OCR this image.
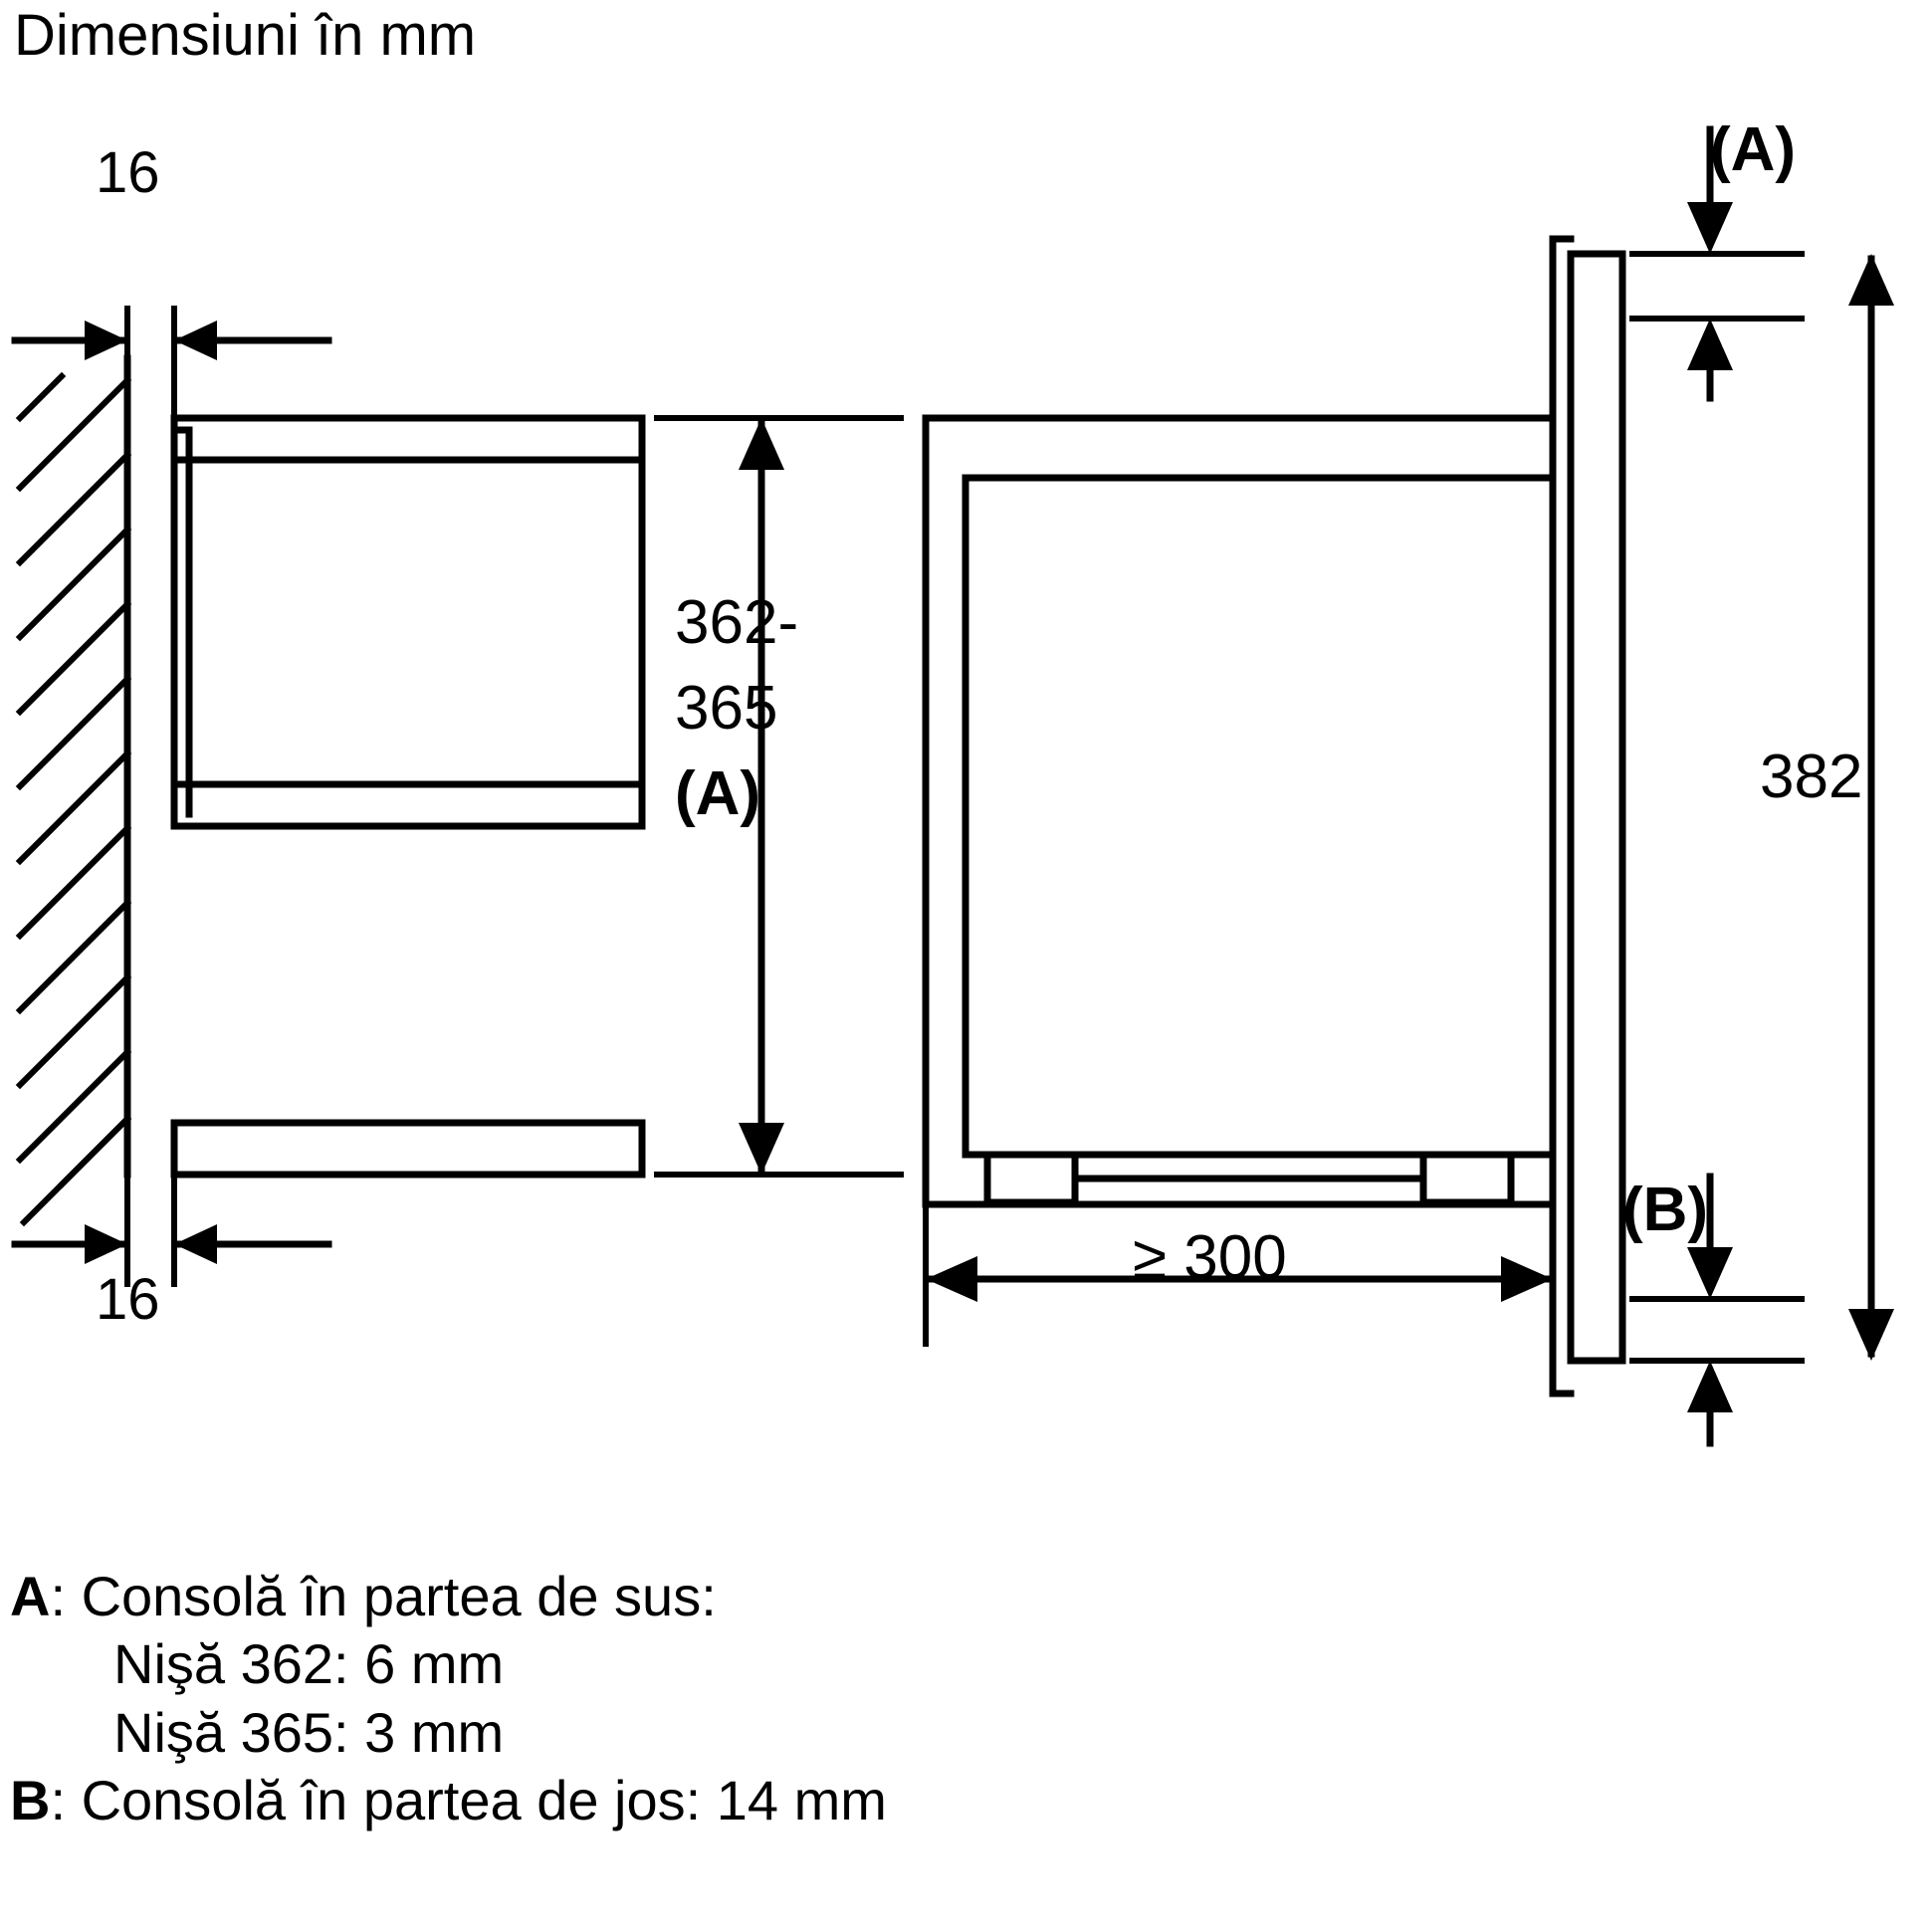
Dimensiuni în mm
16
16
362-
365
(A)
≥ 300
(A)
(B)
382
A: Consolă în partea de sus:
Nişă 362: 6 mm
Nişă 365: 3 mm
B: Consolă în partea de jos: 14 mm
